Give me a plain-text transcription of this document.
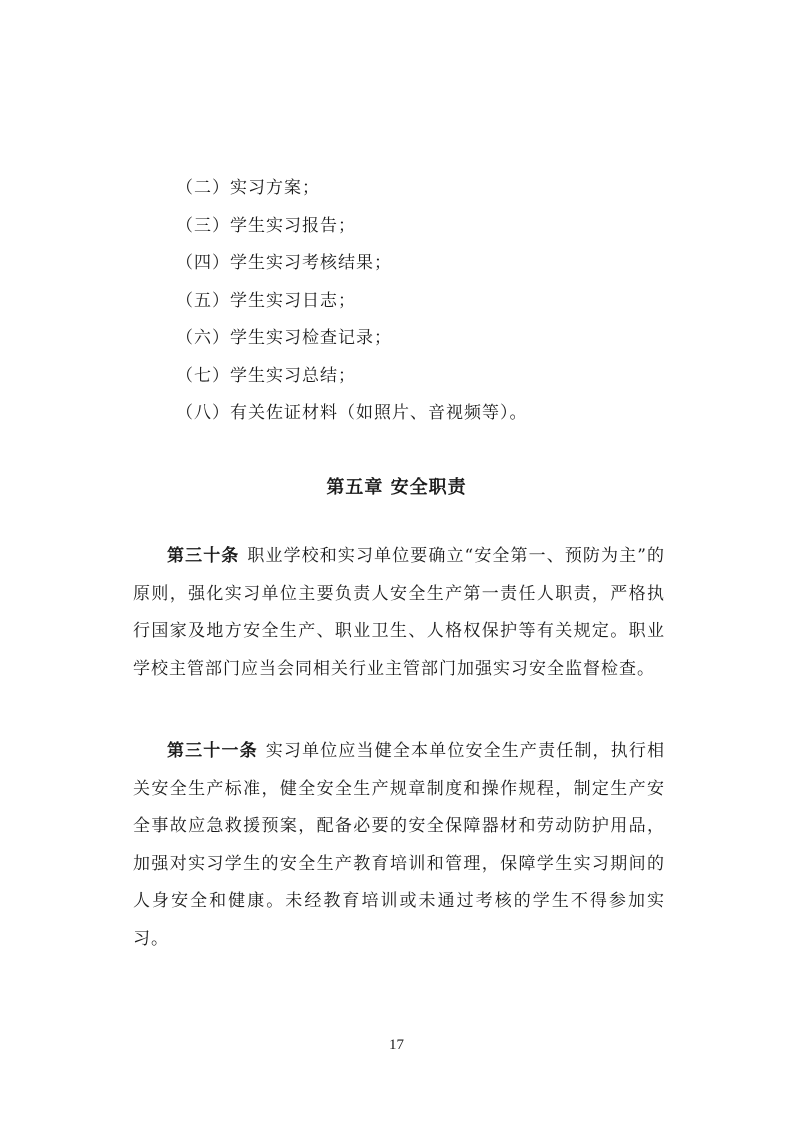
（二）实习方案；
（三）学生实习报告；
（四）学生实习考核结果；
（五）学生实习日志；
（六）学生实习检查记录；
（七）学生实习总结；
（八）有关佐证材料（如照片、音视频等）。
第五章 安全职责

第三十条 职业学校和实习单位要确立“安全第一、预防为主”的原则，强化实习单位主要负责人安全生产第一责任人职责，严格执行国家及地方安全生产、职业卫生、人格权保护等有关规定。职业学校主管部门应当会同相关行业主管部门加强实习安全监督检查。

第三十一条 实习单位应当健全本单位安全生产责任制，执行相关安全生产标准，健全安全生产规章制度和操作规程，制定生产安全事故应急救援预案，配备必要的安全保障器材和劳动防护用品，加强对实习学生的安全生产教育培训和管理，保障学生实习期间的人身安全和健康。未经教育培训或未通过考核的学生不得参加实习。

17
